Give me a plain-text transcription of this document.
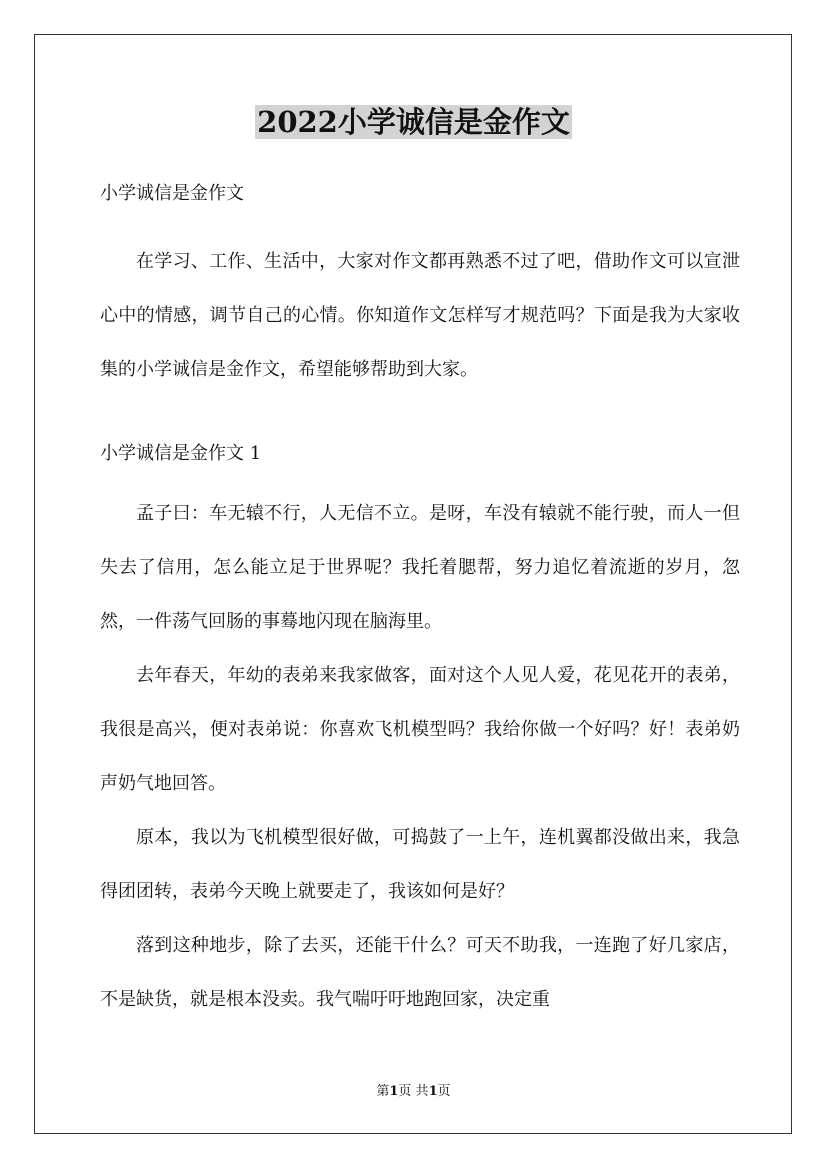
2022小学诚信是金作文

小学诚信是金作文

在学习、工作、生活中，大家对作文都再熟悉不过了吧，借助作文可以宣泄心中的情感，调节自己的心情。你知道作文怎样写才规范吗？下面是我为大家收集的小学诚信是金作文，希望能够帮助到大家。

小学诚信是金作文 1

孟子曰：车无辕不行，人无信不立。是呀，车没有辕就不能行驶，而人一但失去了信用，怎么能立足于世界呢？我托着腮帮，努力追忆着流逝的岁月，忽然，一件荡气回肠的事蓦地闪现在脑海里。

去年春天，年幼的表弟来我家做客，面对这个人见人爱，花见花开的表弟，我很是高兴，便对表弟说：你喜欢飞机模型吗？我给你做一个好吗？好！表弟奶声奶气地回答。

原本，我以为飞机模型很好做，可捣鼓了一上午，连机翼都没做出来，我急得团团转，表弟今天晚上就要走了，我该如何是好？

落到这种地步，除了去买，还能干什么？可天不助我，一连跑了好几家店，不是缺货，就是根本没卖。我气喘吁吁地跑回家，决定重

第1页 共1页
